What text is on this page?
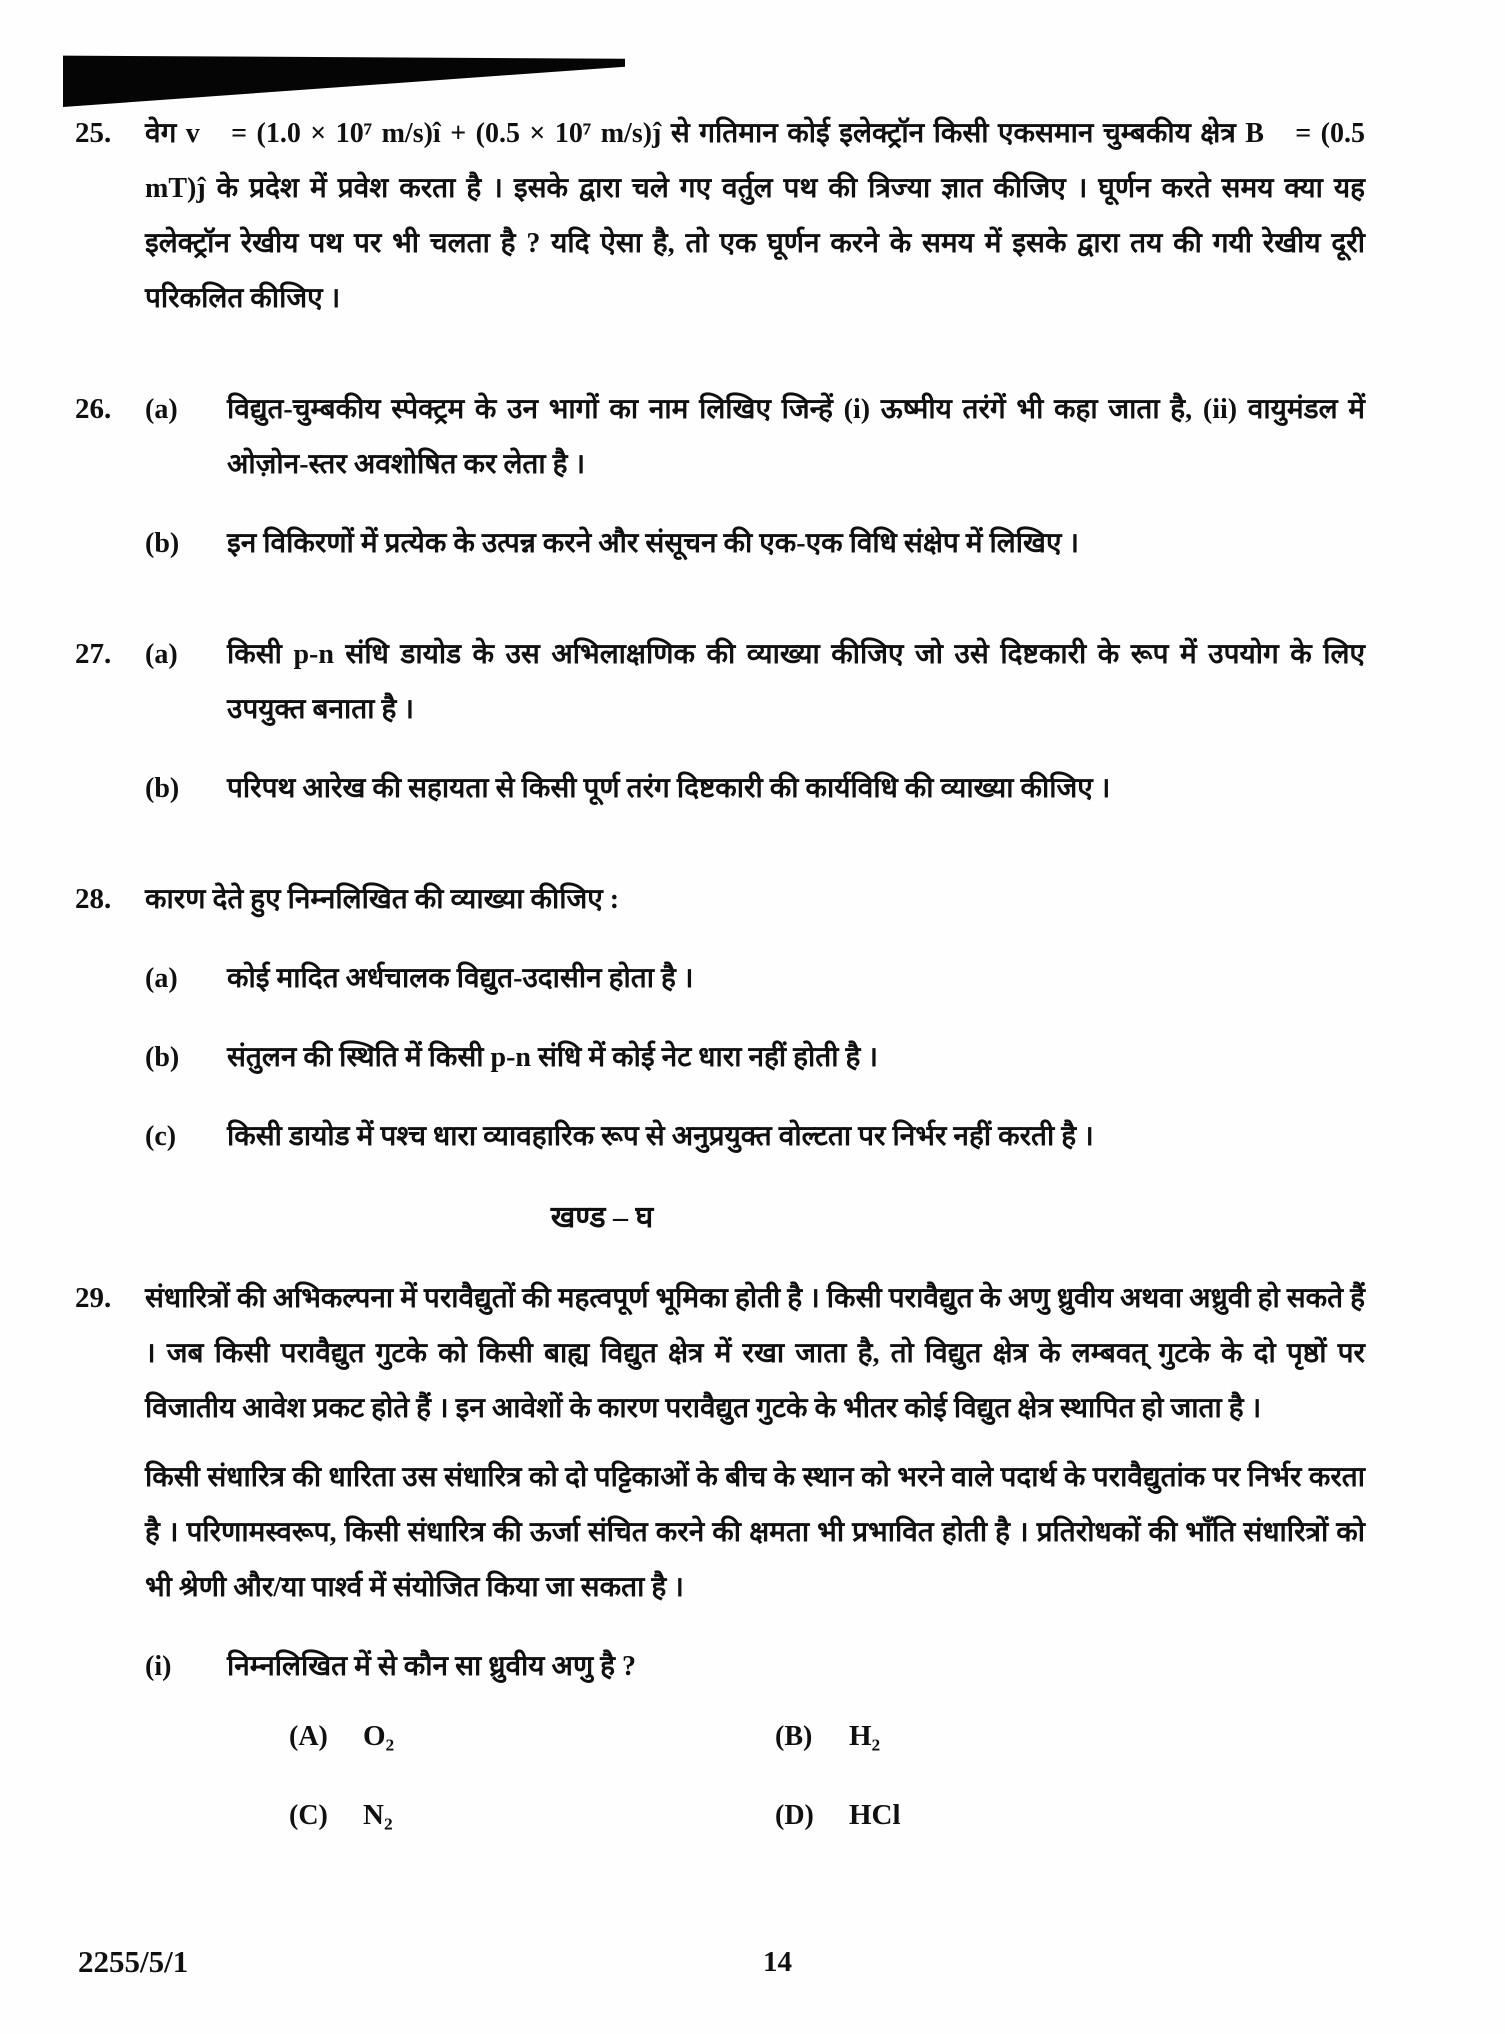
25.	वेग v⃗ = (1.0 × 10⁷ m/s)î + (0.5 × 10⁷ m/s)ĵ से गतिमान कोई इलेक्ट्रॉन किसी एकसमान चुम्बकीय क्षेत्र B⃗ = (0.5 mT)ĵ के प्रदेश में प्रवेश करता है । इसके द्वारा चले गए वर्तुल पथ की त्रिज्या ज्ञात कीजिए । घूर्णन करते समय क्या यह इलेक्ट्रॉन रेखीय पथ पर भी चलता है ? यदि ऐसा है, तो एक घूर्णन करने के समय में इसके द्वारा तय की गयी रेखीय दूरी परिकलित कीजिए ।

26.	(a)	विद्युत-चुम्बकीय स्पेक्ट्रम के उन भागों का नाम लिखिए जिन्हें (i) ऊष्मीय तरंगें भी कहा जाता है, (ii) वायुमंडल में ओज़ोन-स्तर अवशोषित कर लेता है ।

(b)	इन विकिरणों में प्रत्येक के उत्पन्न करने और संसूचन की एक-एक विधि संक्षेप में लिखिए ।

27.	(a)	किसी p-n संधि डायोड के उस अभिलाक्षणिक की व्याख्या कीजिए जो उसे दिष्टकारी के रूप में उपयोग के लिए उपयुक्त बनाता है ।

(b)	परिपथ आरेख की सहायता से किसी पूर्ण तरंग दिष्टकारी की कार्यविधि की व्याख्या कीजिए ।

28.	कारण देते हुए निम्नलिखित की व्याख्या कीजिए :

(a)	कोई मादित अर्धचालक विद्युत-उदासीन होता है ।

(b)	संतुलन की स्थिति में किसी p-n संधि में कोई नेट धारा नहीं होती है ।

(c)	किसी डायोड में पश्च धारा व्यावहारिक रूप से अनुप्रयुक्त वोल्टता पर निर्भर नहीं करती है ।

खण्ड – घ
29.	संधारित्रों की अभिकल्पना में परावैद्युतों की महत्वपूर्ण भूमिका होती है । किसी परावैद्युत के अणु ध्रुवीय अथवा अध्रुवी हो सकते हैं । जब किसी परावैद्युत गुटके को किसी बाह्य विद्युत क्षेत्र में रखा जाता है, तो विद्युत क्षेत्र के लम्बवत् गुटके के दो पृष्ठों पर विजातीय आवेश प्रकट होते हैं । इन आवेशों के कारण परावैद्युत गुटके के भीतर कोई विद्युत क्षेत्र स्थापित हो जाता है ।

किसी संधारित्र की धारिता उस संधारित्र को दो पट्टिकाओं के बीच के स्थान को भरने वाले पदार्थ के परावैद्युतांक पर निर्भर करता है । परिणामस्वरूप, किसी संधारित्र की ऊर्जा संचित करने की क्षमता भी प्रभावित होती है । प्रतिरोधकों की भाँति संधारित्रों को भी श्रेणी और/या पार्श्व में संयोजित किया जा सकता है ।

(i)	निम्नलिखित में से कौन सा ध्रुवीय अणु है ?

(A)	O₂	(B)	H₂
(C)	N₂	(D)	HCl
2255/5/1	14
